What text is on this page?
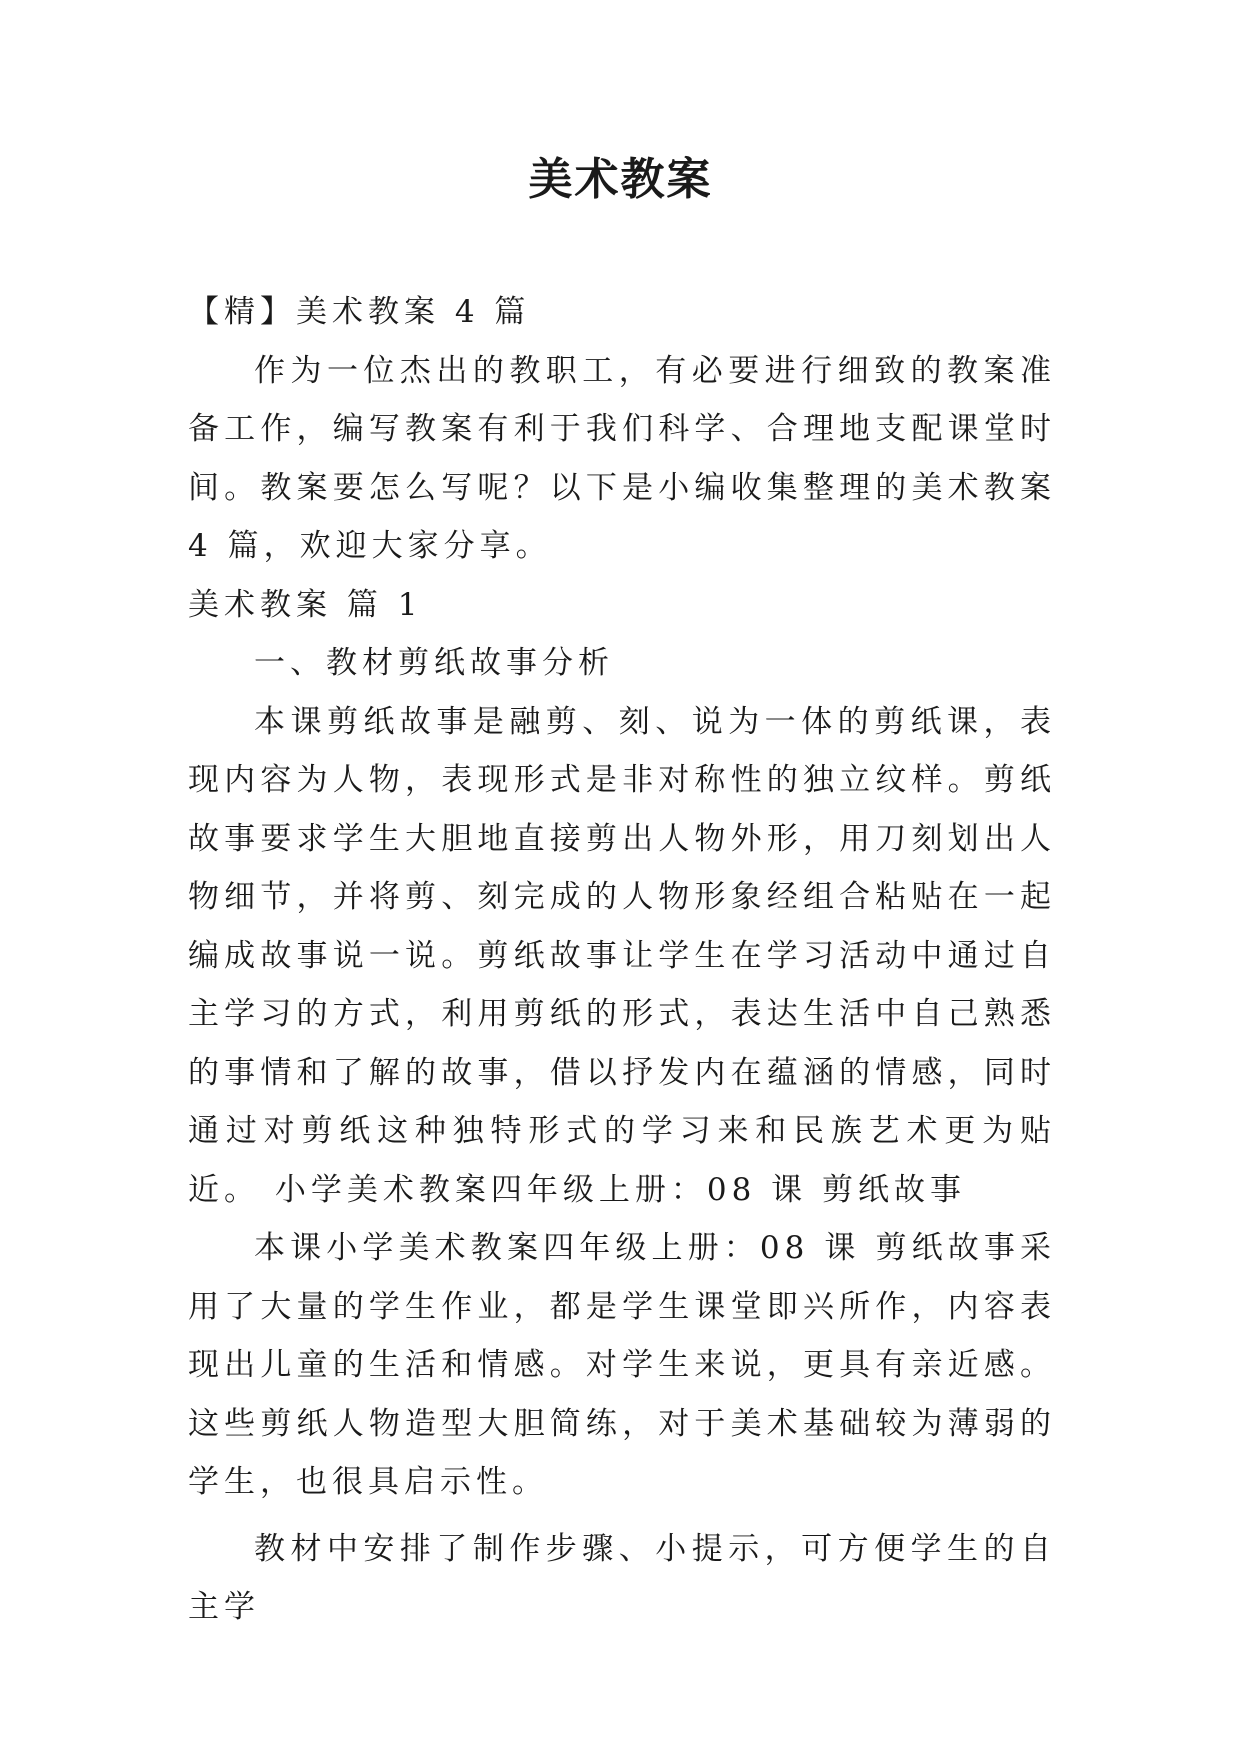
美术教案

【精】美术教案 4 篇

作为一位杰出的教职工，有必要进行细致的教案准备工作，编写教案有利于我们科学、合理地支配课堂时间。教案要怎么写呢？以下是小编收集整理的美术教案 4 篇，欢迎大家分享。

美术教案 篇 1

一、教材剪纸故事分析

本课剪纸故事是融剪、刻、说为一体的剪纸课，表现内容为人物，表现形式是非对称性的独立纹样。剪纸故事要求学生大胆地直接剪出人物外形，用刀刻划出人物细节，并将剪、刻完成的人物形象经组合粘贴在一起编成故事说一说。剪纸故事让学生在学习活动中通过自主学习的方式，利用剪纸的形式，表达生活中自己熟悉的事情和了解的故事，借以抒发内在蕴涵的情感，同时通过对剪纸这种独特形式的学习来和民族艺术更为贴近。 小学美术教案四年级上册：08 课 剪纸故事

本课小学美术教案四年级上册：08 课 剪纸故事采用了大量的学生作业，都是学生课堂即兴所作，内容表现出儿童的生活和情感。对学生来说，更具有亲近感。这些剪纸人物造型大胆简练，对于美术基础较为薄弱的学生，也很具启示性。

教材中安排了制作步骤、小提示，可方便学生的自主学
